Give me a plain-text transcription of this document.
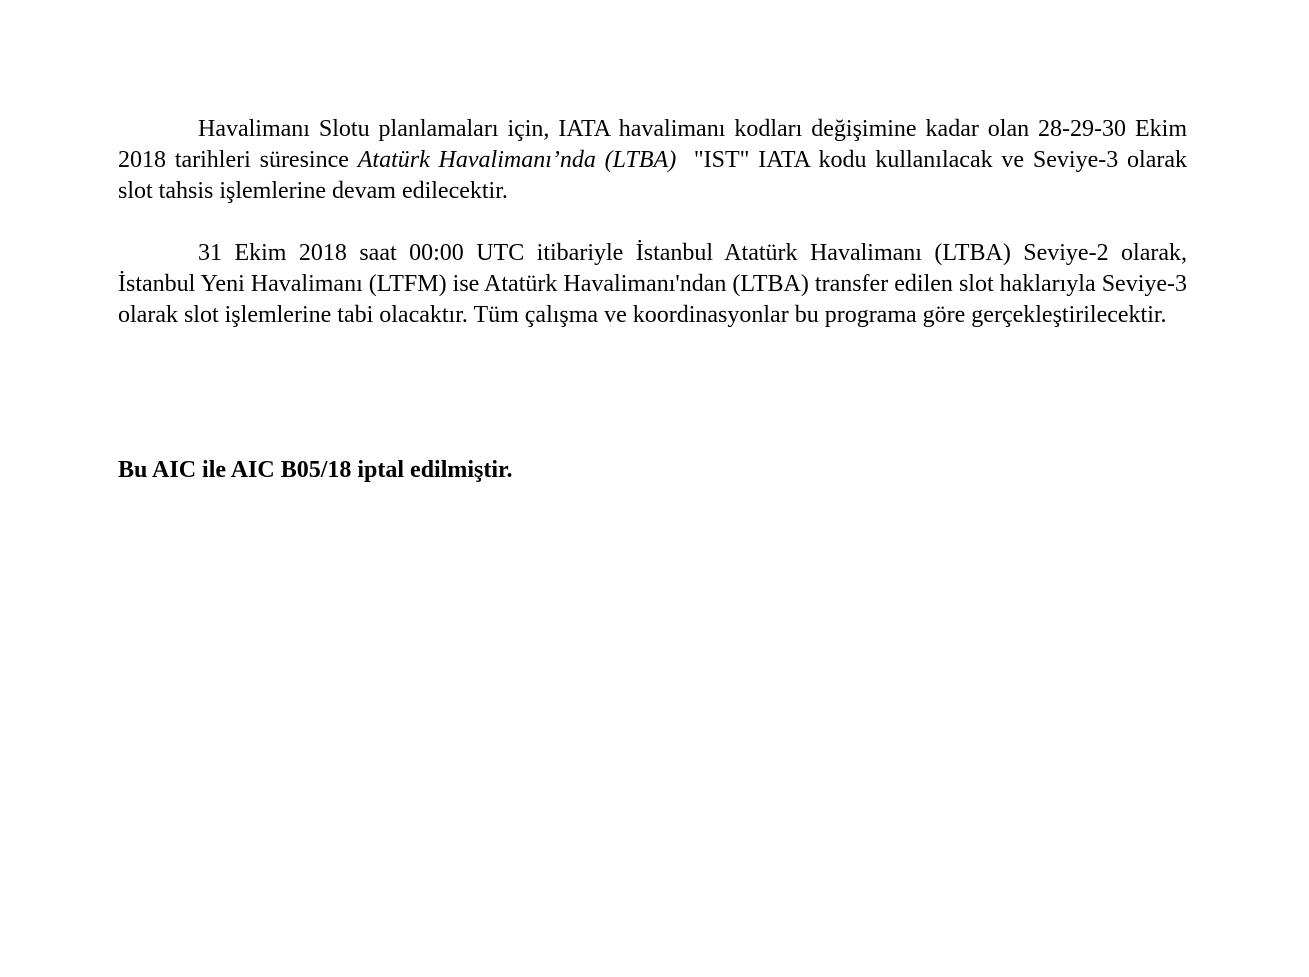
Havalimanı Slotu planlamaları için, IATA havalimanı kodları değişimine kadar olan 28-29-30 Ekim 2018 tarihleri süresince Atatürk Havalimanı’nda (LTBA)  "IST" IATA kodu kullanılacak ve Seviye-3 olarak slot tahsis işlemlerine devam edilecektir.

31 Ekim 2018 saat 00:00 UTC itibariyle İstanbul Atatürk Havalimanı (LTBA) Seviye-2 olarak, İstanbul Yeni Havalimanı (LTFM) ise Atatürk Havalimanı'ndan (LTBA) transfer edilen slot haklarıyla Seviye-3 olarak slot işlemlerine tabi olacaktır. Tüm çalışma ve koordinasyonlar bu programa göre gerçekleştirilecektir.

Bu AIC ile AIC B05/18 iptal edilmiştir.
